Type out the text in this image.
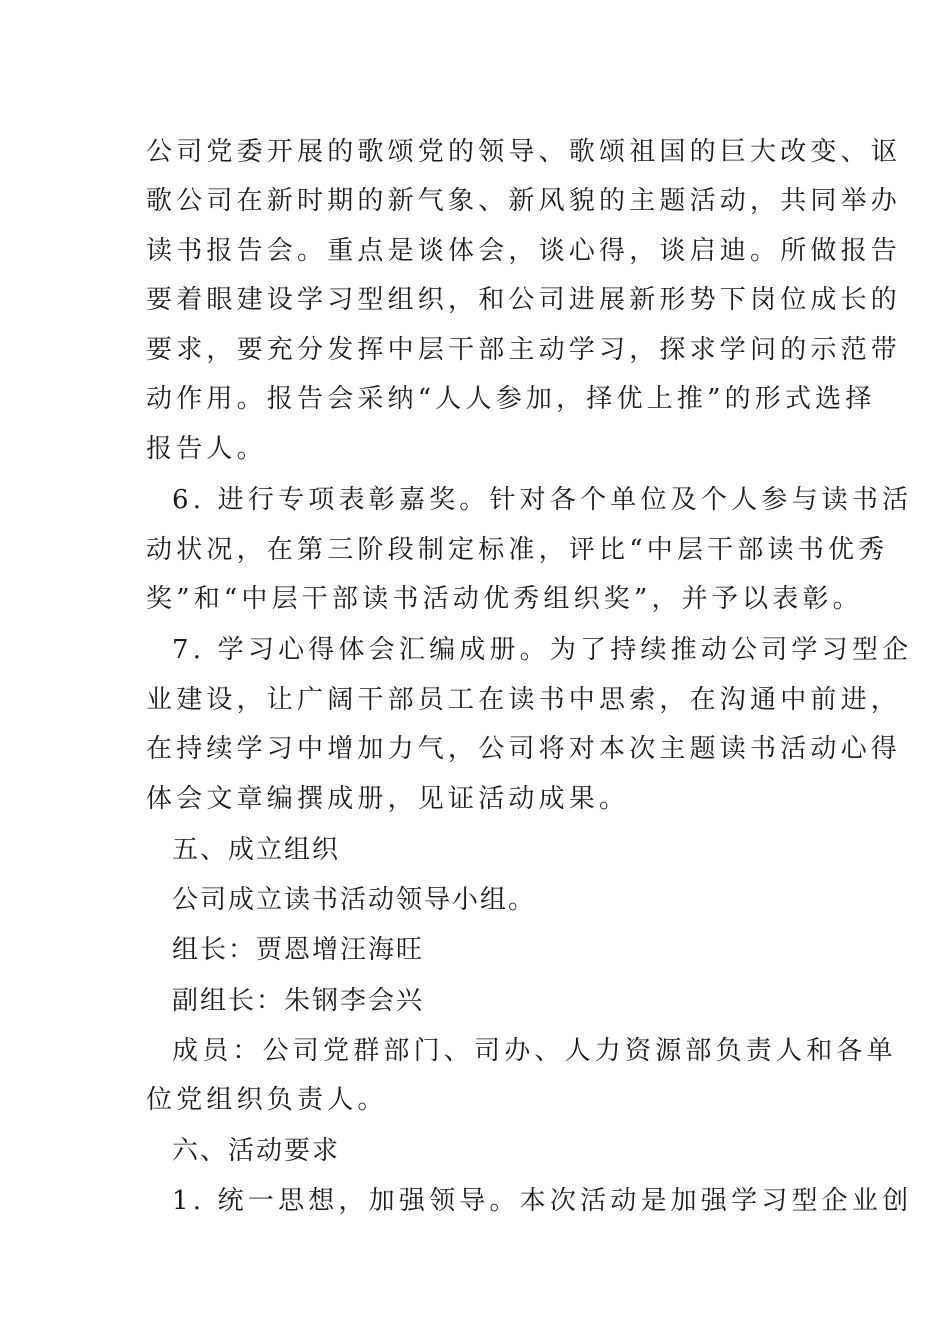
公司党委开展的歌颂党的领导、歌颂祖国的巨大改变、讴
歌公司在新时期的新气象、新风貌的主题活动，共同举办
读书报告会。重点是谈体会，谈心得，谈启迪。所做报告
要着眼建设学习型组织，和公司进展新形势下岗位成长的
要求，要充分发挥中层干部主动学习，探求学问的示范带
动作用。报告会采纳“人人参加，择优上推”的形式选择
报告人。
6. 进行专项表彰嘉奖。针对各个单位及个人参与读书活
动状况，在第三阶段制定标准，评比“中层干部读书优秀
奖”和“中层干部读书活动优秀组织奖”，并予以表彰。
7. 学习心得体会汇编成册。为了持续推动公司学习型企
业建设，让广阔干部员工在读书中思索，在沟通中前进，
在持续学习中增加力气，公司将对本次主题读书活动心得
体会文章编撰成册，见证活动成果。
五、成立组织
公司成立读书活动领导小组。
组长：贾恩增汪海旺
副组长：朱钢李会兴
成员：公司党群部门、司办、人力资源部负责人和各单
位党组织负责人。
六、活动要求
1. 统一思想，加强领导。本次活动是加强学习型企业创
